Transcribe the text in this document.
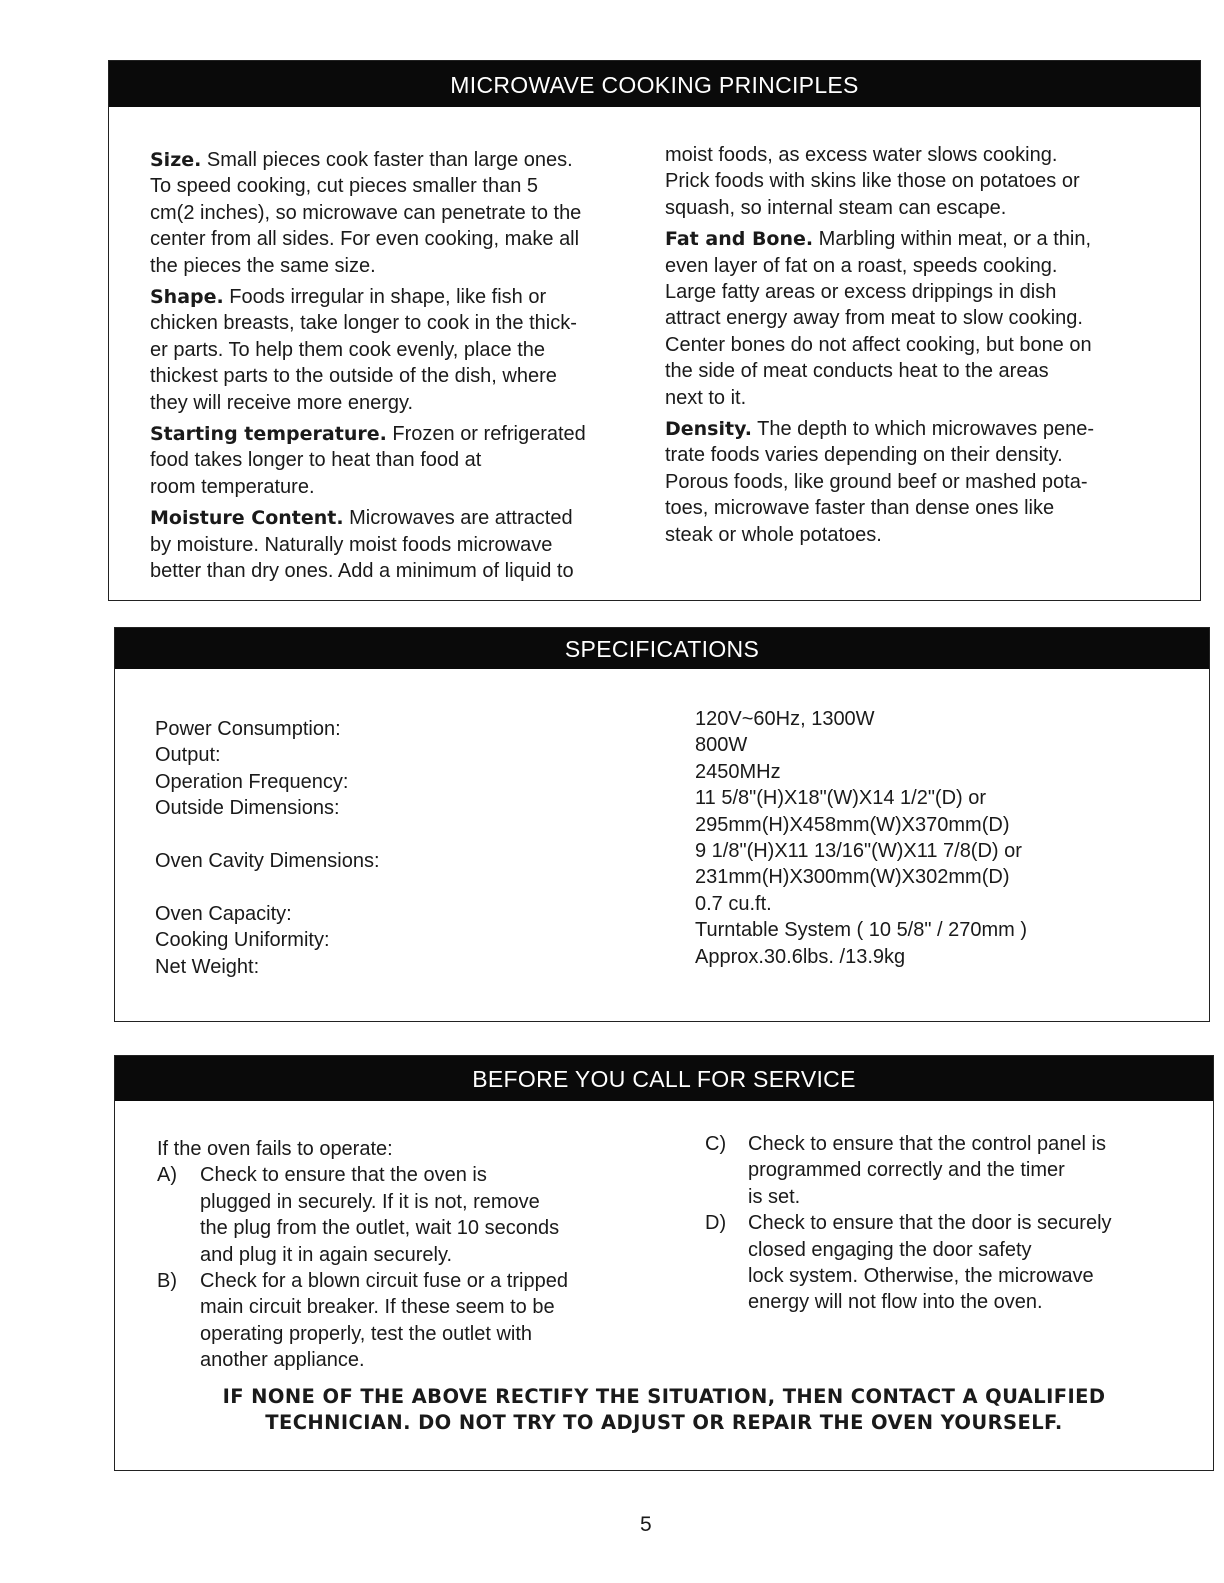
MICROWAVE COOKING PRINCIPLES
Size. Small pieces cook faster than large ones.
To speed cooking, cut pieces smaller than 5
cm(2 inches), so microwave can penetrate to the
center from all sides. For even cooking, make all
the pieces the same size.
Shape. Foods irregular in shape, like fish or
chicken breasts, take longer to cook in the thick-
er parts. To help them cook evenly, place the
thickest parts to the outside of the dish, where
they will receive more energy.
Starting temperature. Frozen or refrigerated
food takes longer to heat than food at
room temperature.
Moisture Content. Microwaves are attracted
by moisture. Naturally moist foods microwave
better than dry ones. Add a minimum of liquid to
moist foods, as excess water slows cooking.
Prick foods with skins like those on potatoes or
squash, so internal steam can escape.
Fat and Bone. Marbling within meat, or a thin,
even layer of fat on a roast, speeds cooking.
Large fatty areas or excess drippings in dish
attract energy away from meat to slow cooking.
Center bones do not affect cooking, but bone on
the side of meat conducts heat to the areas
next to it.
Density. The depth to which microwaves pene-
trate foods varies depending on their density.
Porous foods, like ground beef or mashed pota-
toes, microwave faster than dense ones like
steak or whole potatoes.
SPECIFICATIONS
Power Consumption:
Output:
Operation Frequency:
Outside Dimensions:
Oven Cavity Dimensions:
Oven Capacity:
Cooking Uniformity:
Net Weight:
120V~60Hz, 1300W
800W
2450MHz
11 5/8"(H)X18"(W)X14 1/2"(D) or
295mm(H)X458mm(W)X370mm(D)
9 1/8"(H)X11 13/16"(W)X11 7/8(D) or
231mm(H)X300mm(W)X302mm(D)
0.7 cu.ft.
Turntable System ( 10 5/8" / 270mm )
Approx.30.6lbs. /13.9kg
BEFORE YOU CALL FOR SERVICE
If the oven fails to operate:
A) Check to ensure that the oven is
plugged in securely. If it is not, remove
the plug from the outlet, wait 10 seconds
and plug it in again securely.
B) Check for a blown circuit fuse or a tripped
main circuit breaker. If these seem to be
operating properly, test the outlet with
another appliance.
C) Check to ensure that the control panel is
programmed correctly and the timer
is set.
D) Check to ensure that the door is securely
closed engaging the door safety
lock system. Otherwise, the microwave
energy will not flow into the oven.
IF NONE OF THE ABOVE RECTIFY THE SITUATION, THEN CONTACT A QUALIFIED
TECHNICIAN. DO NOT TRY TO ADJUST OR REPAIR THE OVEN YOURSELF.
5
